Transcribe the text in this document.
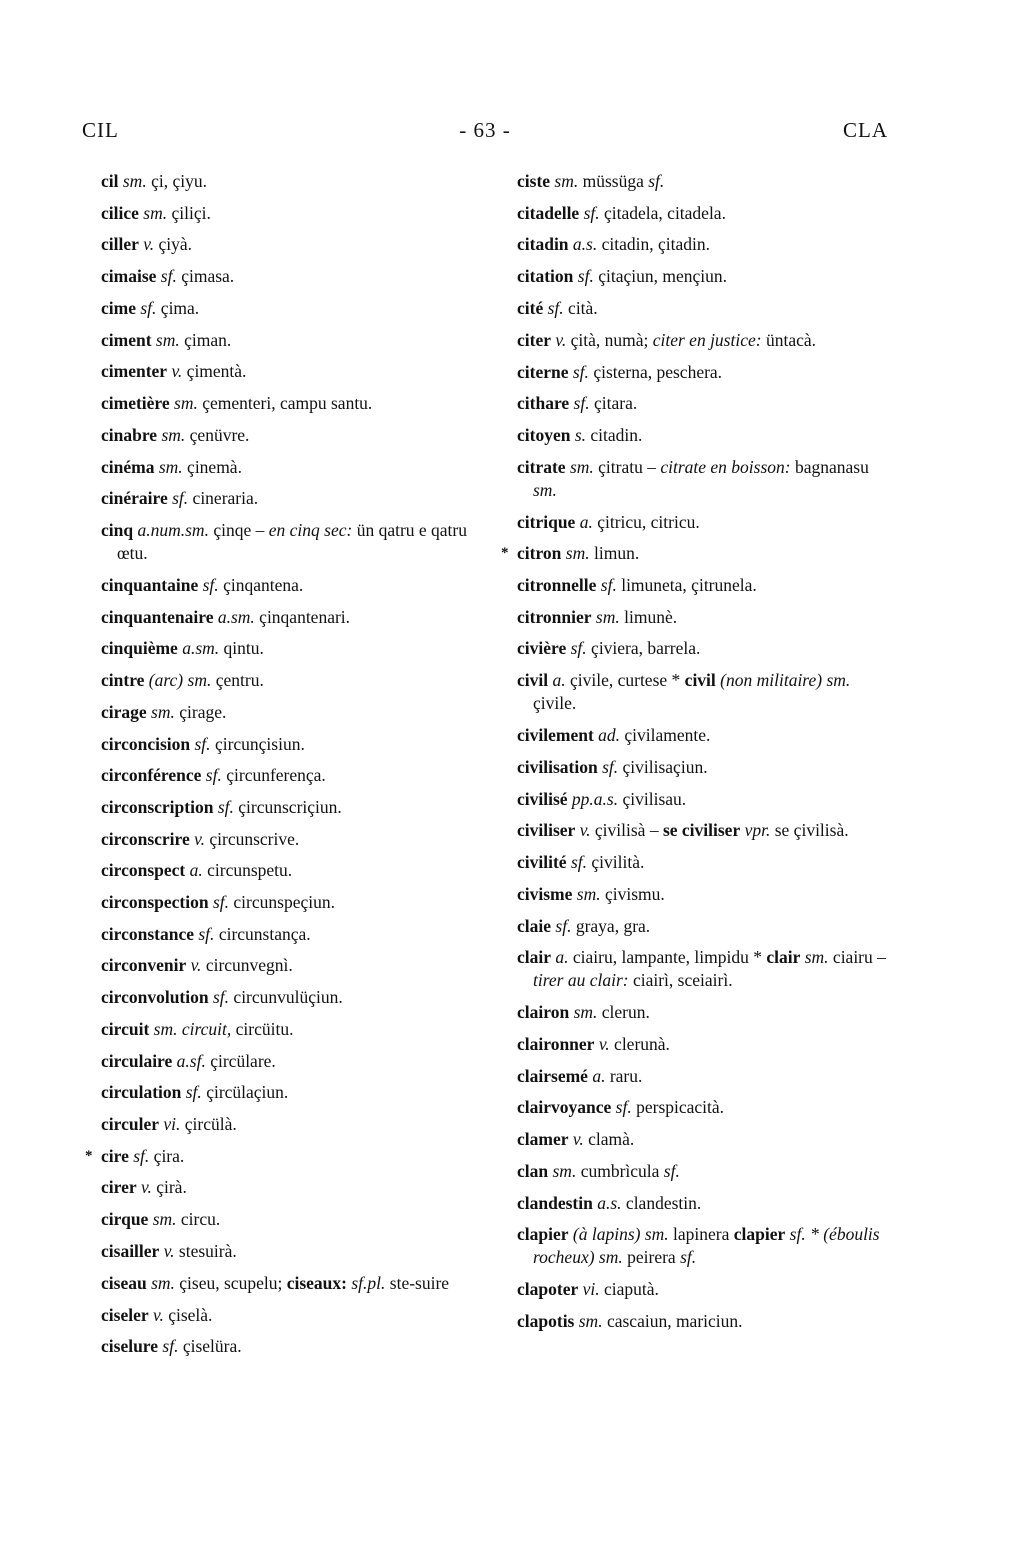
CIL	- 63 -	CLA
cil sm. çi, çiyu.
cilice sm. çiliçi.
ciller v. çiyà.
cimaise sf. çimasa.
cime sf. çima.
ciment sm. çiman.
cimenter v. çimentà.
cimetière sm. çementeri, campu santu.
cinabre sm. çenüvre.
cinéma sm. çinemà.
cinéraire sf. cineraria.
cinq a.num.sm. çinqe – en cinq sec: ün qatru e qatru œtu.
cinquantaine sf. çinqantena.
cinquantenaire a.sm. çinqantenari.
cinquième a.sm. qintu.
cintre (arc) sm. çentru.
cirage sm. çirage.
circoncision sf. çircunçisiun.
circonférence sf. çircunferença.
circonscription sf. çircunscriçiun.
circonscrire v. çircunscrive.
circonspect a. circunspetu.
circonspection sf. circunspeçiun.
circonstance sf. circunstança.
circonvenir v. circunvegnì.
circonvolution sf. circunvulüçiun.
circuit sm. circuit, circüitu.
circulaire a.sf. çircülare.
circulation sf. çircülaçiun.
circuler vi. çircülà.
* cire sf. çira.
cirer v. çirà.
cirque sm. circu.
cisailler v. stesuirà.
ciseau sm. çiseu, scupelu; ciseaux: sf.pl. ste-suire
ciseler v. çiselà.
ciselure sf. çiselüra.
ciste sm. müssüga sf.
citadelle sf. çitadela, citadela.
citadin a.s. citadin, çitadin.
citation sf. çitaçiun, mençiun.
cité sf. cità.
citer v. çità, numà; citer en justice: üntacà.
citerne sf. çisterna, peschera.
cithare sf. çitara.
citoyen s. citadin.
citrate sm. çitratu – citrate en boisson: bagnanasu sm.
citrique a. çitricu, citricu.
* citron sm. limun.
citronnelle sf. limuneta, çitrunela.
citronnier sm. limunè.
civière sf. çiviera, barrela.
civil a. çivile, curtese * civil (non militaire) sm. çivile.
civilement ad. çivilamente.
civilisation sf. çivilisaçiun.
civilisé pp.a.s. çivilisau.
civiliser v. çivilisà – se civiliser vpr. se çivilisà.
civilité sf. çivilità.
civisme sm. çivismu.
claie sf. graya, gra.
clair a. ciairu, lampante, limpidu * clair sm. ciairu – tirer au clair: ciairì, sceiairì.
clairon sm. clerun.
claironner v. clerunà.
clairsemé a. raru.
clairvoyance sf. perspicacità.
clamer v. clamà.
clan sm. cumbrìcula sf.
clandestin a.s. clandestin.
clapier (à lapins) sm. lapinera clapier sf. * (éboulis rocheux) sm. peirera sf.
clapoter vi. ciaputà.
clapotis sm. cascaiun, mariciun.
